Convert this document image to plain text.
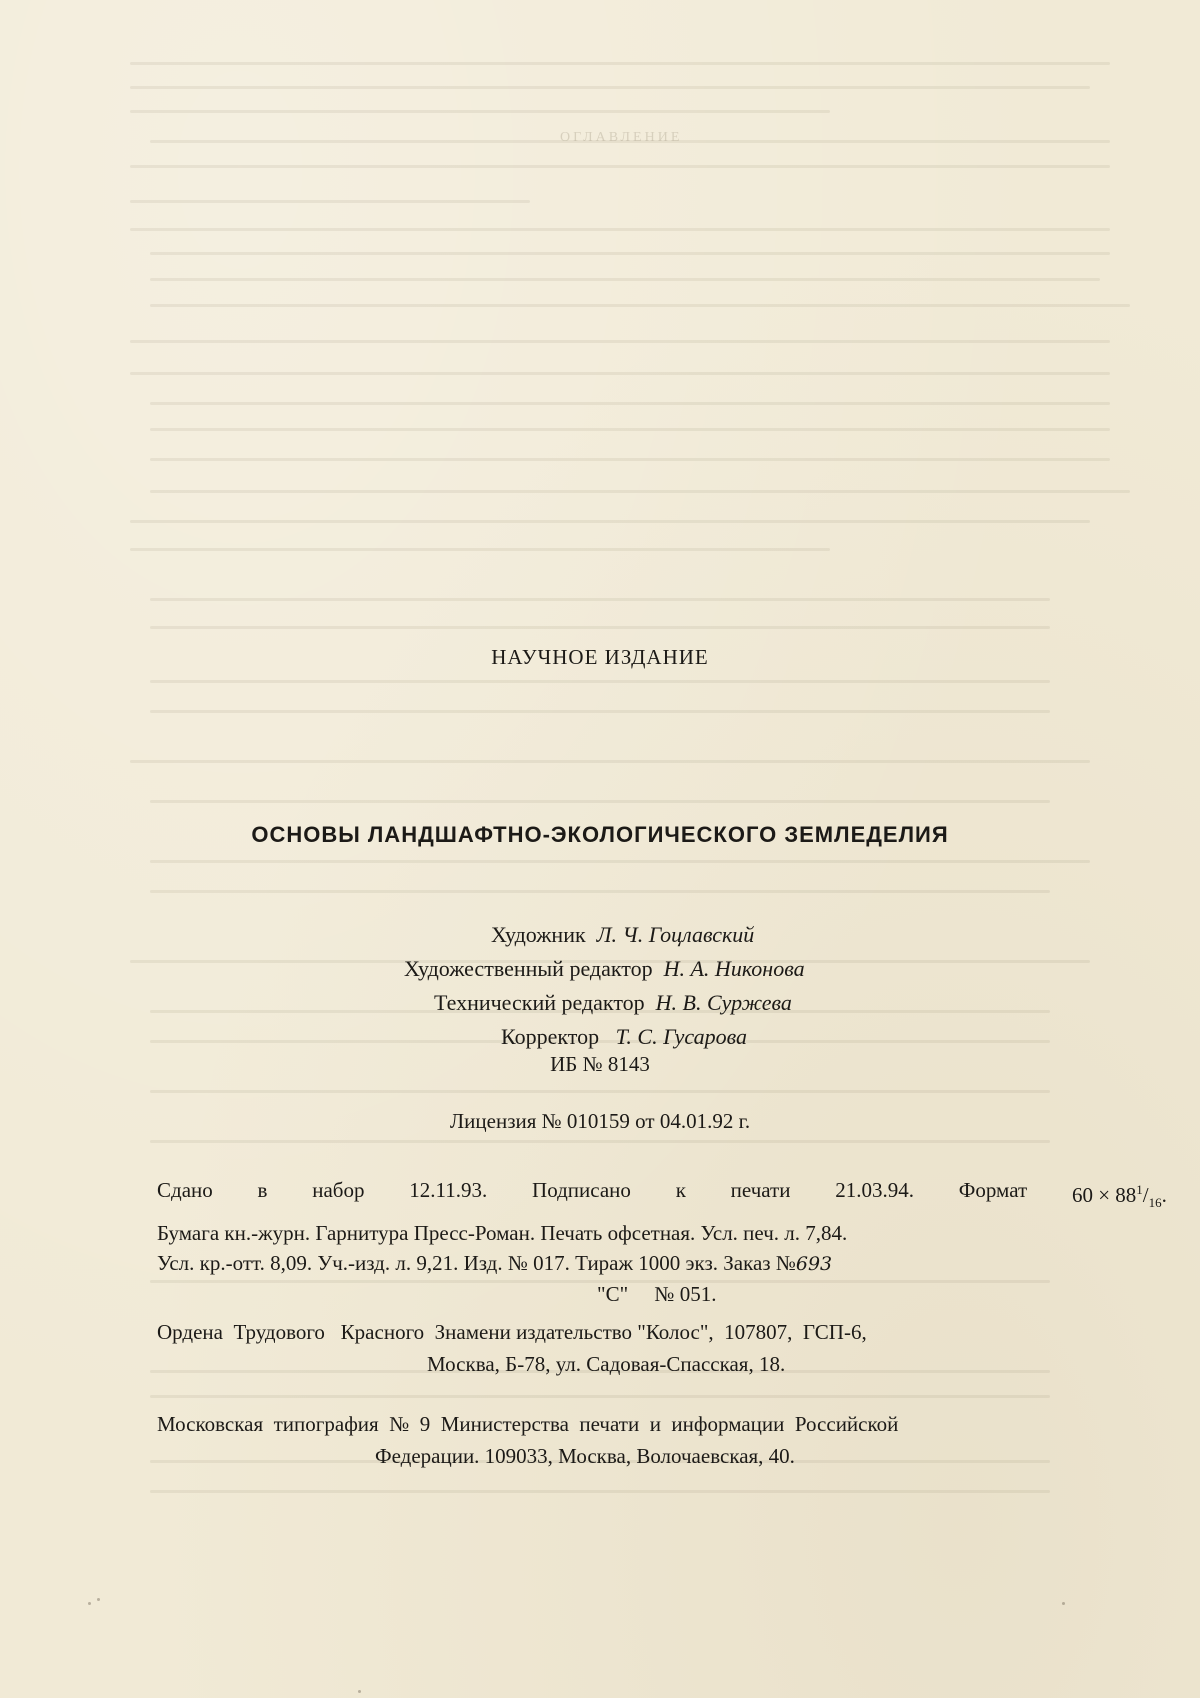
ОГЛАВЛЕНИЕ
НАУЧНОЕ ИЗДАНИЕ
ОСНОВЫ ЛАНДШАФТНО-ЭКОЛОГИЧЕСКОГО ЗЕМЛЕДЕЛИЯ
Художник Л. Ч. Гоцлавский
Художественный редактор Н. А. Никонова
Технический редактор Н. В. Суржева
Корректор Т. С. Гусарова
ИБ № 8143
Лицензия № 010159 от 04.01.92 г.
Сдано в набор 12.11.93. Подписано к печати 21.03.94. Формат $60 \times 88^1/_{16}$.
Бумага кн.-журн. Гарнитура Пресс-Роман. Печать офсетная. Усл. печ. л. 7,84.
Усл. кр.-отт. 8,09. Уч.-изд. л. 9,21. Изд. № 017. Тираж 1000 экз. Заказ №693
"С"     № 051.
Ордена  Трудового   Красного  Знамени издательство "Колос",  107807,  ГСП-6,
Москва, Б-78, ул. Садовая-Спасская, 18.
Московская  типография  №  9  Министерства  печати  и  информации  Российской
Федерации. 109033, Москва, Волочаевская, 40.
